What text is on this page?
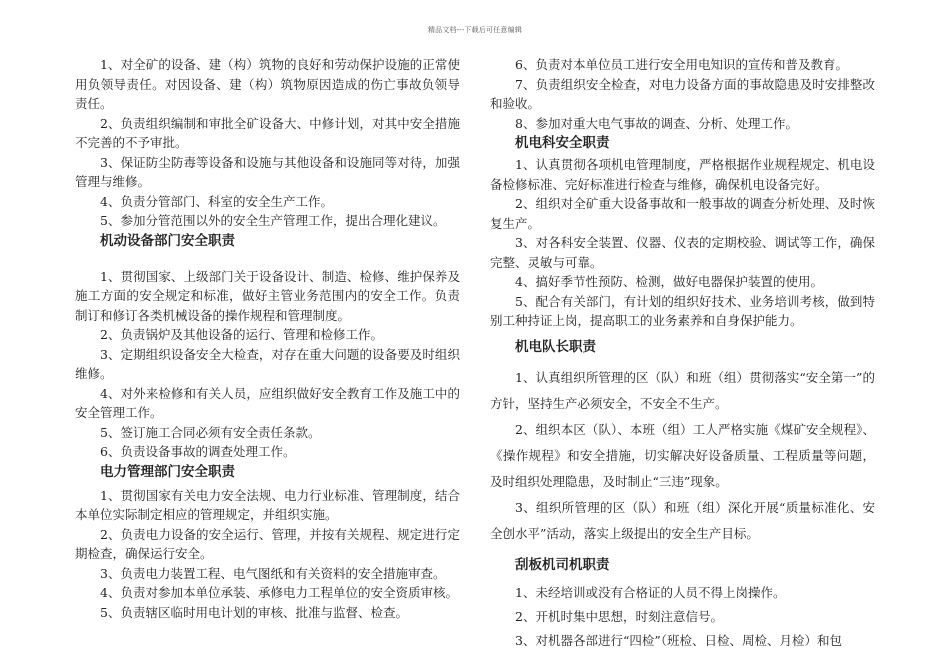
精品文档---下载后可任意编辑

1、对全矿的设备、建（构）筑物的良好和劳动保护设施的正常使用负领导责任。对因设备、建（构）筑物原因造成的伤亡事故负领导责任。

2、负责组织编制和审批全矿设备大、中修计划，对其中安全措施不完善的不予审批。

3、保证防尘防毒等设备和设施与其他设备和设施同等对待，加强管理与维修。

4、负责分管部门、科室的安全生产工作。

5、参加分管范围以外的安全生产管理工作，提出合理化建议。

机动设备部门安全职责

1、贯彻国家、上级部门关于设备设计、制造、检修、维护保养及施工方面的安全规定和标准，做好主管业务范围内的安全工作。负责制订和修订各类机械设备的操作规程和管理制度。

2、负责锅炉及其他设备的运行、管理和检修工作。

3、定期组织设备安全大检查，对存在重大问题的设备要及时组织维修。

4、对外来检修和有关人员，应组织做好安全教育工作及施工中的安全管理工作。

5、签订施工合同必须有安全责任条款。

6、负责设备事故的调查处理工作。

电力管理部门安全职责

1、贯彻国家有关电力安全法规、电力行业标准、管理制度，结合本单位实际制定相应的管理规定，并组织实施。

2、负责电力设备的安全运行、管理，并按有关规程、规定进行定期检查，确保运行安全。

3、负责电力装置工程、电气图纸和有关资料的安全措施审查。

4、负责对参加本单位承装、承修电力工程单位的安全资质审核。

5、负责辖区临时用电计划的审核、批准与监督、检查。

6、负责对本单位员工进行安全用电知识的宣传和普及教育。

7、负责组织安全检查，对电力设备方面的事故隐患及时安排整改和验收。

8、参加对重大电气事故的调查、分析、处理工作。

机电科安全职责

1、认真贯彻各项机电管理制度，严格根据作业规程规定、机电设备检修标准、完好标准进行检查与维修，确保机电设备完好。

2、组织对全矿重大设备事故和一般事故的调查分析处理、及时恢复生产。

3、对各科安全装置、仪器、仪表的定期校验、调试等工作，确保完整、灵敏与可靠。

4、搞好季节性预防、检测，做好电器保护装置的使用。

5、配合有关部门，有计划的组织好技术、业务培训考核，做到特别工种持证上岗，提高职工的业务素养和自身保护能力。

机电队长职责

1、认真组织所管理的区（队）和班（组）贯彻落实“安全第一”的方针，坚持生产必须安全，不安全不生产。

2、组织本区（队）、本班（组）工人严格实施《煤矿安全规程》、《操作规程》和安全措施，切实解决好设备质量、工程质量等问题，及时组织处理隐患，及时制止“三违”现象。

3、组织所管理的区（队）和班（组）深化开展“质量标准化、安全创水平”活动，落实上级提出的安全生产目标。

刮板机司机职责

1、未经培训或没有合格证的人员不得上岗操作。

2、开机时集中思想，时刻注意信号。

3、对机器各部进行“四检”（班检、日检、周检、月检）和包
